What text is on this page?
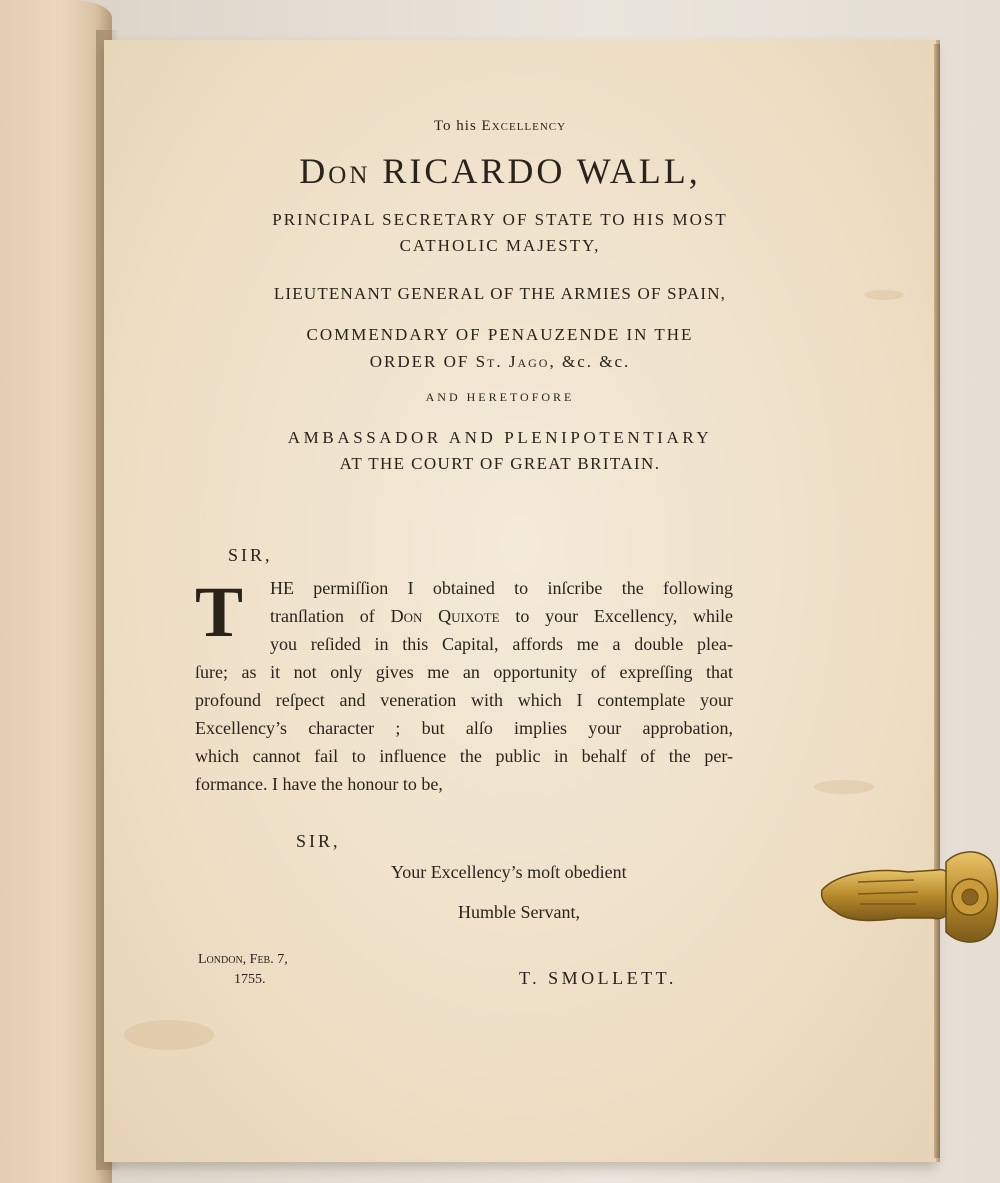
To his Excellency
Don RICARDO WALL,
PRINCIPAL SECRETARY OF STATE TO HIS MOST
CATHOLIC MAJESTY,
LIEUTENANT GENERAL OF THE ARMIES OF SPAIN,
COMMENDARY OF PENAUZENDE IN THE
ORDER OF St. Jago, &c. &c.
AND HERETOFORE
AMBASSADOR AND PLENIPOTENTIARY
AT THE COURT OF GREAT BRITAIN.
SIR,
T HE permiſſion I obtained to inſcribe the following
tranſlation of Don Quixote to your Excellency, while
you reſided in this Capital, affords me a double plea-
ſure; as it not only gives me an opportunity of expreſſing that
profound reſpect and veneration with which I contemplate your
Excellency’s character ; but alſo implies your approbation,
which cannot fail to influence the public in behalf of the per-
formance. I have the honour to be,
SIR,
Your Excellency’s moſt obedient
Humble Servant,
London, Feb. 7,
1755.	T. SMOLLETT.
